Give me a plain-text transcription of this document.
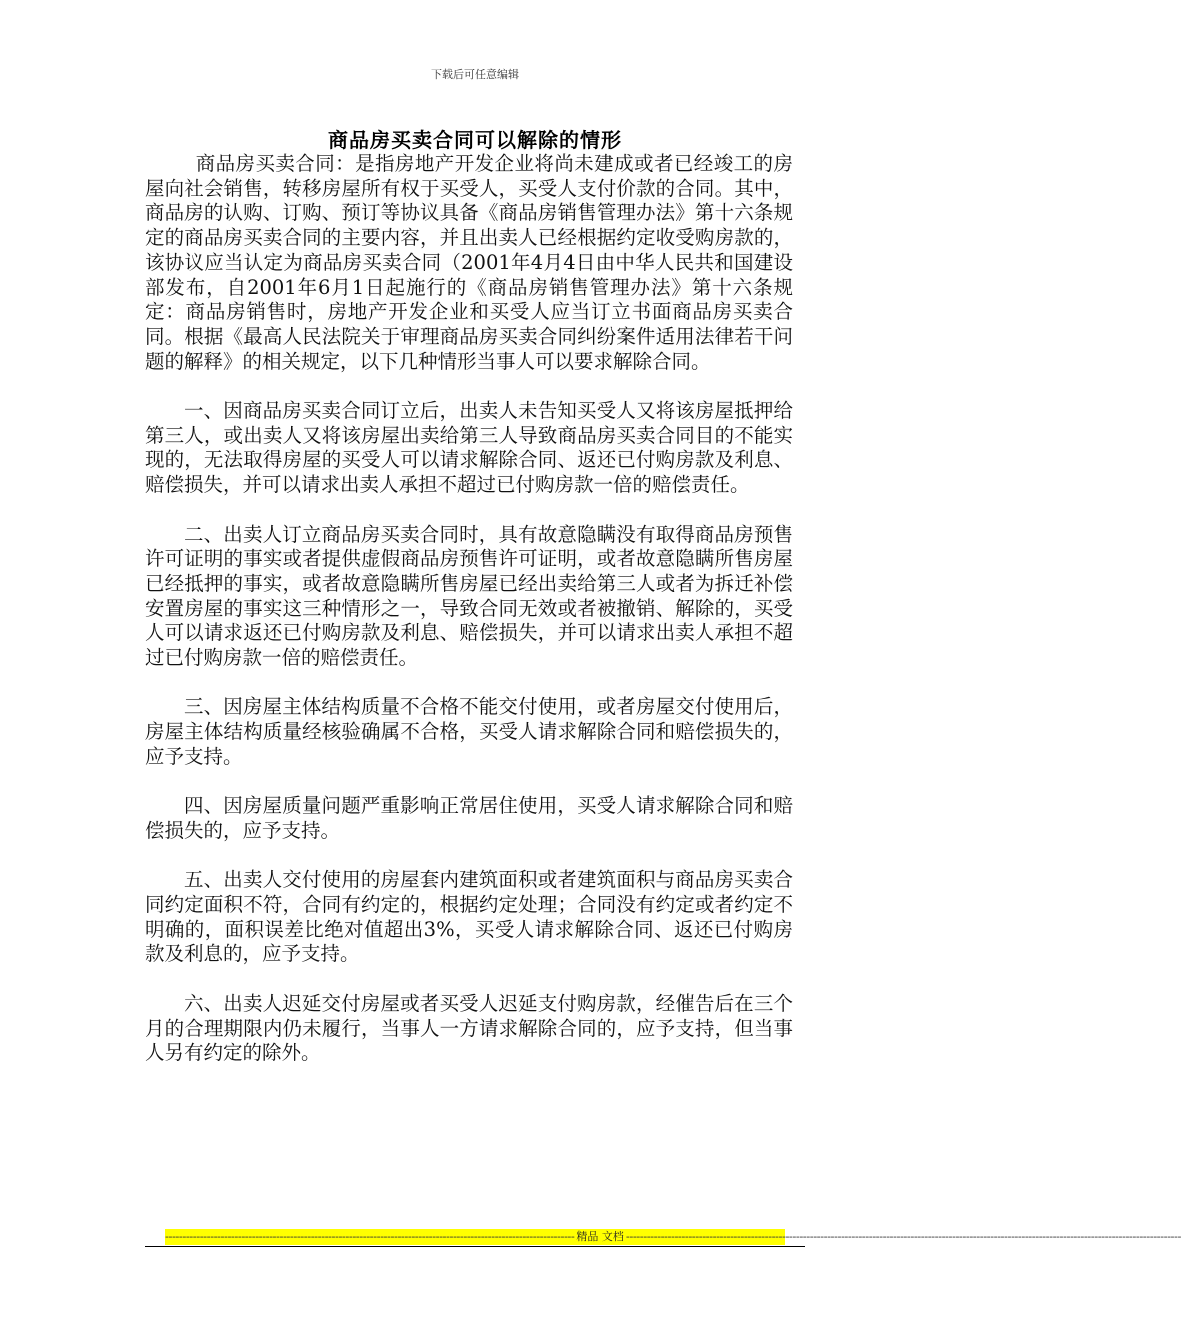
下载后可任意编辑
商品房买卖合同可以解除的情形

商品房买卖合同：是指房地产开发企业将尚未建成或者已经竣工的房屋向社会销售，转移房屋所有权于买受人，买受人支付价款的合同。其中，商品房的认购、订购、预订等协议具备《商品房销售管理办法》第十六条规定的商品房买卖合同的主要内容，并且出卖人已经根据约定收受购房款的，该协议应当认定为商品房买卖合同（2001年4月4日由中华人民共和国建设部发布，自2001年6月1日起施行的《商品房销售管理办法》第十六条规定：商品房销售时，房地产开发企业和买受人应当订立书面商品房买卖合同。根据《最高人民法院关于审理商品房买卖合同纠纷案件适用法律若干问题的解释》的相关规定，以下几种情形当事人可以要求解除合同。

一、因商品房买卖合同订立后，出卖人未告知买受人又将该房屋抵押给第三人，或出卖人又将该房屋出卖给第三人导致商品房买卖合同目的不能实现的，无法取得房屋的买受人可以请求解除合同、返还已付购房款及利息、赔偿损失，并可以请求出卖人承担不超过已付购房款一倍的赔偿责任。

二、出卖人订立商品房买卖合同时，具有故意隐瞒没有取得商品房预售许可证明的事实或者提供虚假商品房预售许可证明，或者故意隐瞒所售房屋已经抵押的事实，或者故意隐瞒所售房屋已经出卖给第三人或者为拆迁补偿安置房屋的事实这三种情形之一，导致合同无效或者被撤销、解除的，买受人可以请求返还已付购房款及利息、赔偿损失，并可以请求出卖人承担不超过已付购房款一倍的赔偿责任。

三、因房屋主体结构质量不合格不能交付使用，或者房屋交付使用后，房屋主体结构质量经核验确属不合格，买受人请求解除合同和赔偿损失的，应予支持。

四、因房屋质量问题严重影响正常居住使用，买受人请求解除合同和赔偿损失的，应予支持。

五、出卖人交付使用的房屋套内建筑面积或者建筑面积与商品房买卖合同约定面积不符，合同有约定的，根据约定处理；合同没有约定或者约定不明确的，面积误差比绝对值超出3%，买受人请求解除合同、返还已付购房款及利息的，应予支持。

六、出卖人迟延交付房屋或者买受人迟延支付购房款，经催告后在三个月的合理期限内仍未履行，当事人一方请求解除合同的，应予支持，但当事人另有约定的除外。

---------------------------------------------------------------------------------------------------------------------- 精品 文档 ----------------------------------------------------------------------------------------------------------------------------------------------------------------
